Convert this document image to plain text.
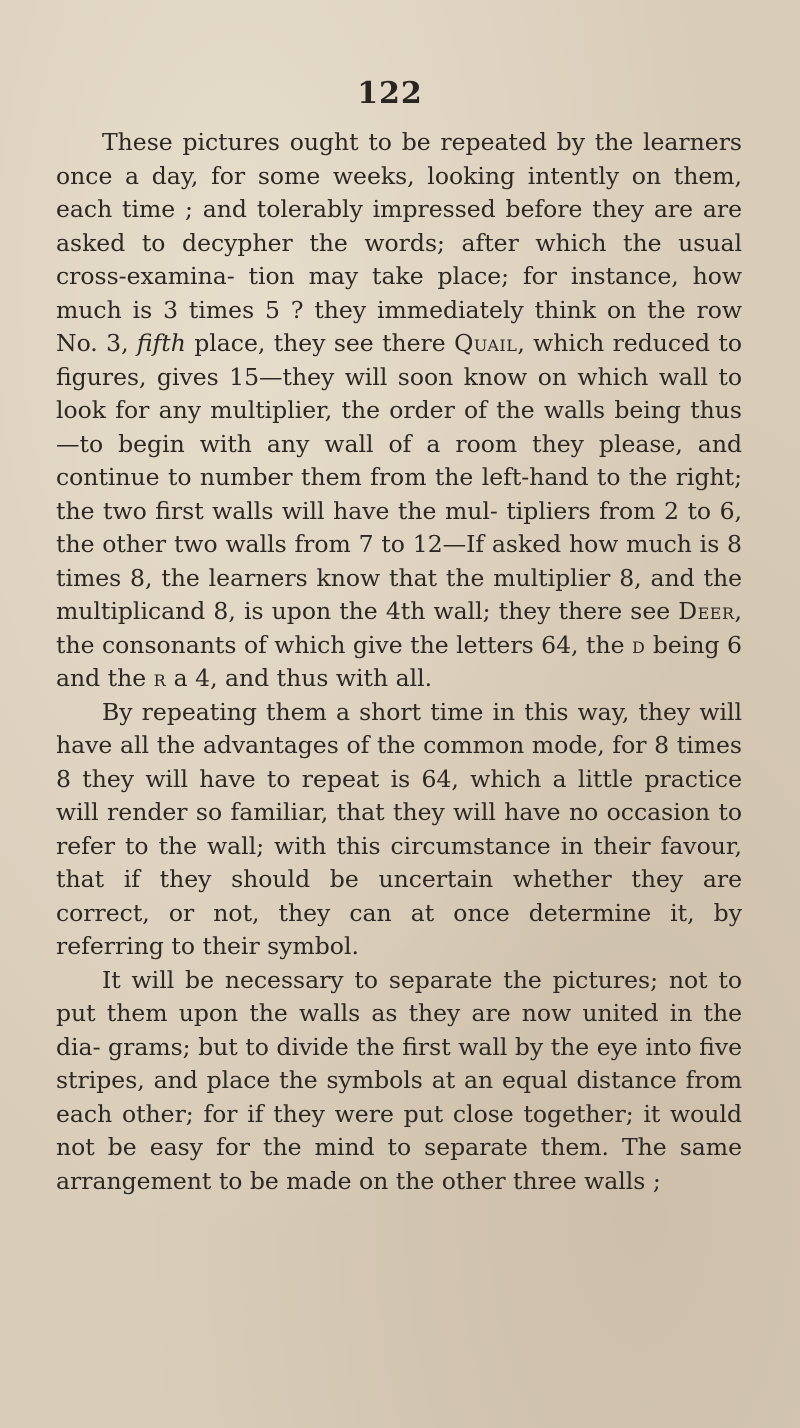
122

These pictures ought to be repeated by the learners once a day, for some weeks, looking intently on them, each time ; and tolerably impressed before they are are asked to decypher the words; after which the usual cross-examina- tion may take place; for instance, how much is 3 times 5 ? they immediately think on the row No. 3, fifth place, they see there Quail, which reduced to figures, gives 15—they will soon know on which wall to look for any multiplier, the order of the walls being thus—to begin with any wall of a room they please, and continue to number them from the left-hand to the right; the two first walls will have the mul- tipliers from 2 to 6, the other two walls from 7 to 12—If asked how much is 8 times 8, the learners know that the multiplier 8, and the multiplicand 8, is upon the 4th wall; they there see Deer, the consonants of which give the letters 64, the d being 6 and the r a 4, and thus with all.

By repeating them a short time in this way, they will have all the advantages of the common mode, for 8 times 8 they will have to repeat is 64, which a little practice will render so familiar, that they will have no occasion to refer to the wall; with this circumstance in their favour, that if they should be uncertain whether they are correct, or not, they can at once determine it, by referring to their symbol.

It will be necessary to separate the pictures; not to put them upon the walls as they are now united in the dia- grams; but to divide the first wall by the eye into five stripes, and place the symbols at an equal distance from each other; for if they were put close together; it would not be easy for the mind to separate them. The same arrangement to be made on the other three walls ;
